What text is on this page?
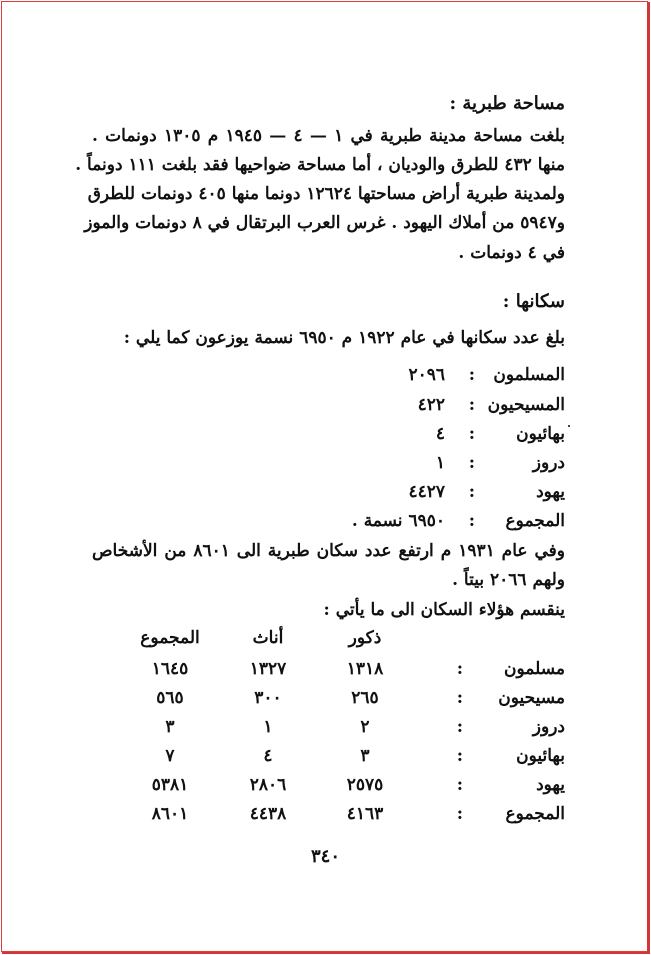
مساحة طبرية :
بلغت مساحة مدينة طبرية في ١ — ٤ — ١٩٤٥ م ١٣٠٥ دونمات .
منها ٤٣٢ للطرق والوديان ، أما مساحة ضواحيها فقد بلغت ١١١ دونماً .
ولمدينة طبرية أراض مساحتها ١٢٦٢٤ دونما منها ٤٠٥ دونمات للطرق
و٥٩٤٧ من أملاك اليهود . غرس العرب البرتقال في ٨ دونمات والموز
في ٤ دونمات .
سكانها :
بلغ عدد سكانها في عام ١٩٢٢ م ٦٩٥٠ نسمة يوزعون كما يلي :
المسلمون
:
٢٠٩٦
المسيحيون
:
٤٢٢
بهائيون
:
٤
دروز
:
١
يهود
:
٤٤٢٧
المجموع
:
٦٩٥٠ نسمة .
وفي عام ١٩٣١ م ارتفع عدد سكان طبرية الى ٨٦٠١ من الأشخاص
ولهم ٢٠٦٦ بيتاً .
ينقسم هؤلاء السكان الى ما يأتي :
ذكور
أناث
المجموع
مسلمون
:
١٣١٨
١٣٢٧
١٦٤٥
مسيحيون
:
٢٦٥
٣٠٠
٥٦٥
دروز
:
٢
١
٣
بهائيون
:
٣
٤
٧
يهود
:
٢٥٧٥
٢٨٠٦
٥٣٨١
المجموع
:
٤١٦٣
٤٤٣٨
٨٦٠١
٣٤٠
